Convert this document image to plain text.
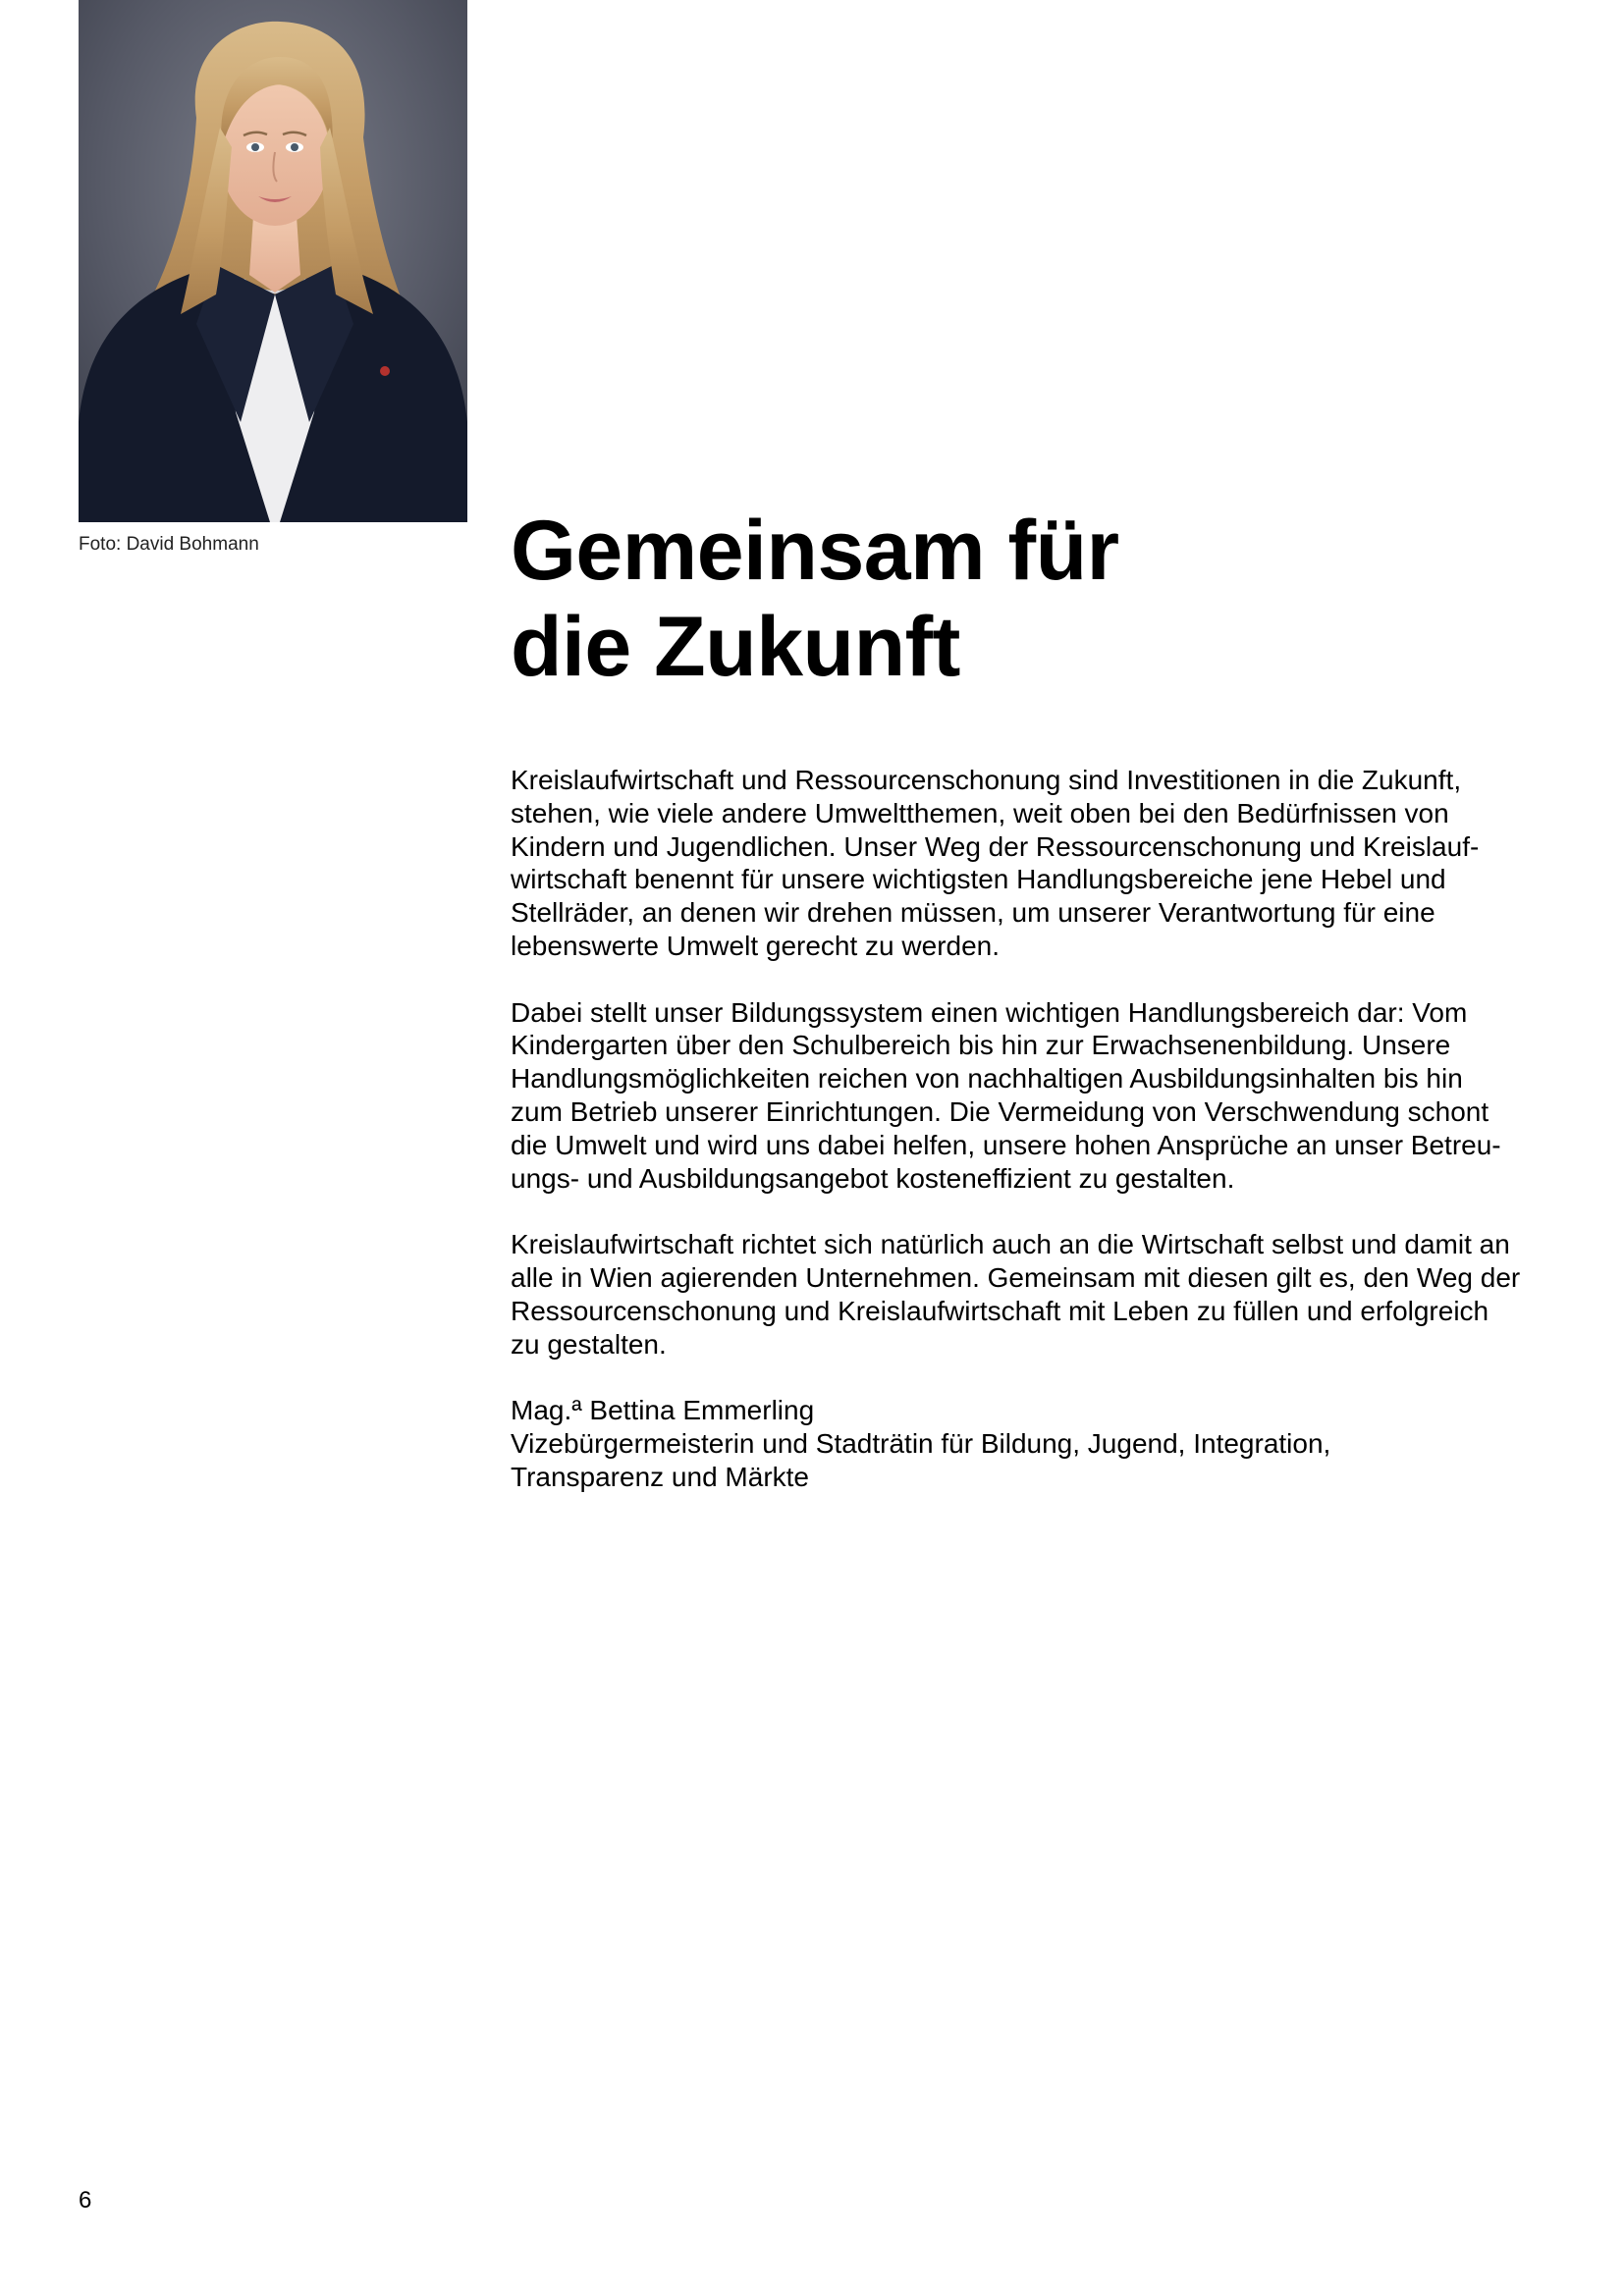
Foto: David Bohmann	Gemeinsam für
die Zukunft

Kreislaufwirtschaft und Ressourcenschonung sind Investitionen in die Zukunft,
stehen, wie viele andere Umweltthemen, weit oben bei den Bedürfnissen von
Kindern und Jugendlichen. Unser Weg der Ressourcenschonung und Kreislauf-
wirtschaft benennt für unsere wichtigsten Handlungsbereiche jene Hebel und
Stellräder, an denen wir drehen müssen, um unserer Verantwortung für eine
lebenswerte Umwelt gerecht zu werden.

Dabei stellt unser Bildungssystem einen wichtigen Handlungsbereich dar: Vom
Kindergarten über den Schulbereich bis hin zur Erwachsenenbildung. Unsere
Handlungsmöglichkeiten reichen von nachhaltigen Ausbildungsinhalten bis hin
zum Betrieb unserer Einrichtungen. Die Vermeidung von Verschwendung schont
die Umwelt und wird uns dabei helfen, unsere hohen Ansprüche an unser Betreu-
ungs- und Ausbildungsangebot kosteneffizient zu gestalten.

Kreislaufwirtschaft richtet sich natürlich auch an die Wirtschaft selbst und damit an
alle in Wien agierenden Unternehmen. Gemeinsam mit diesen gilt es, den Weg der
Ressourcenschonung und Kreislaufwirtschaft mit Leben zu füllen und erfolgreich
zu gestalten.

Mag.ª Bettina Emmerling
Vizebürgermeisterin und Stadträtin für Bildung, Jugend, Integration,
Transparenz und Märkte

6
